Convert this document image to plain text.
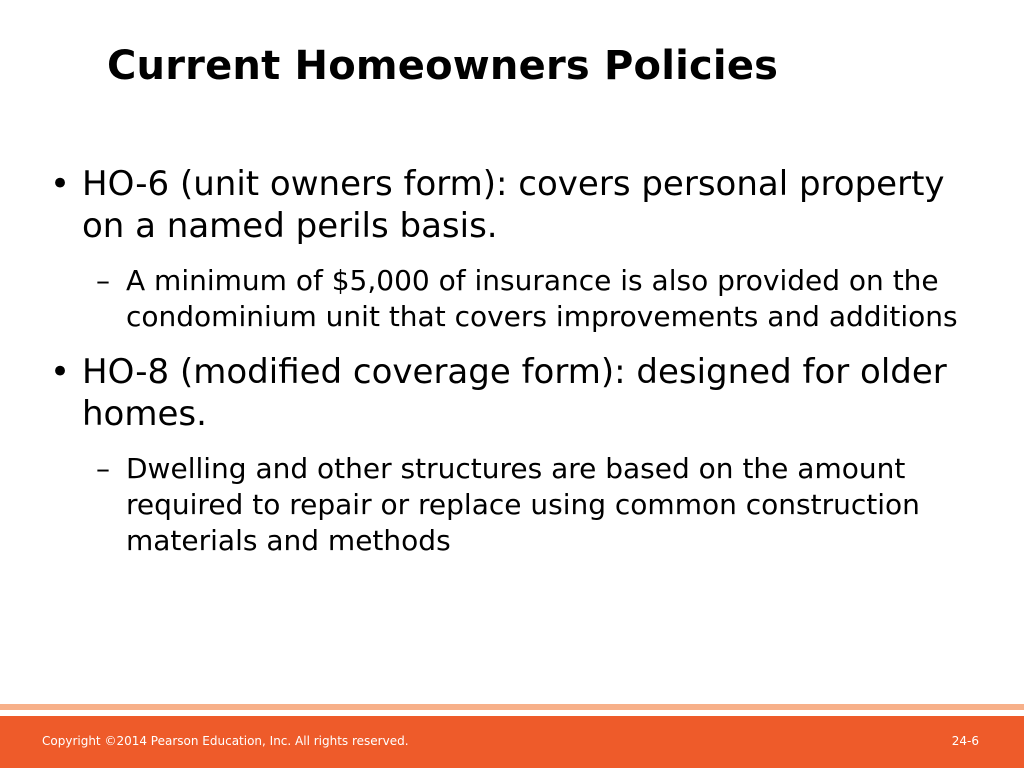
Current Homeowners Policies
• HO-6 (unit owners form): covers personal property on a named perils basis.
– A minimum of $5,000 of insurance is also provided on the condominium unit that covers improvements and additions
• HO-8 (modified coverage form): designed for older homes.
– Dwelling and other structures are based on the amount required to repair or replace using common construction materials and methods
Copyright ©2014 Pearson Education, Inc. All rights reserved.	24-6
